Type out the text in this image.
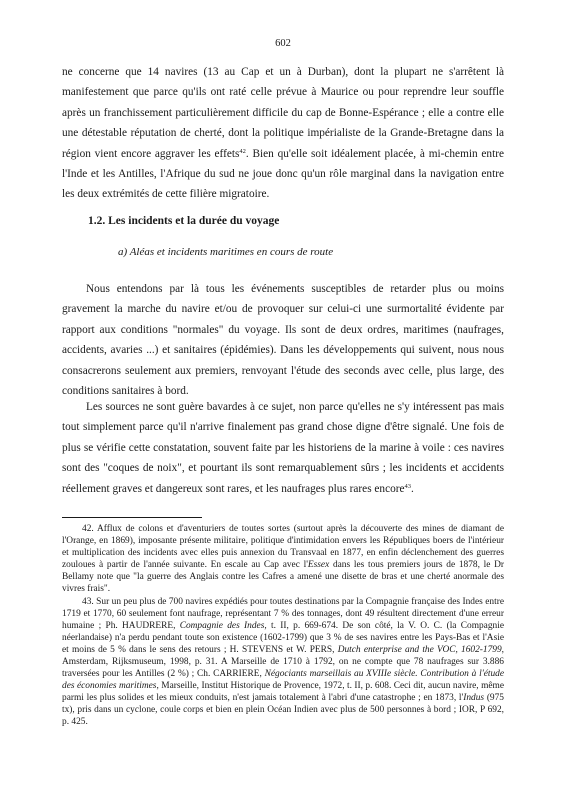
602

ne concerne que 14 navires (13 au Cap et un à Durban), dont la plupart ne s'arrêtent là manifestement que parce qu'ils ont raté celle prévue à Maurice ou pour reprendre leur souffle après un franchissement particulièrement difficile du cap de Bonne-Espérance ; elle a contre elle une détestable réputation de cherté, dont la politique impérialiste de la Grande-Bretagne dans la région vient encore aggraver les effets$^{42}$. Bien qu'elle soit idéalement placée, à mi-chemin entre l'Inde et les Antilles, l'Afrique du sud ne joue donc qu'un rôle marginal dans la navigation entre les deux extrémités de cette filière migratoire.

1.2. Les incidents et la durée du voyage
a) Aléas et incidents maritimes en cours de route

Nous entendons par là tous les événements susceptibles de retarder plus ou moins gravement la marche du navire et/ou de provoquer sur celui-ci une surmortalité évidente par rapport aux conditions "normales" du voyage. Ils sont de deux ordres, maritimes (naufrages, accidents, avaries ...) et sanitaires (épidémies). Dans les développements qui suivent, nous nous consacrerons seulement aux premiers, renvoyant l'étude des seconds avec celle, plus large, des conditions sanitaires à bord.

Les sources ne sont guère bavardes à ce sujet, non parce qu'elles ne s'y intéressent pas mais tout simplement parce qu'il n'arrive finalement pas grand chose digne d'être signalé. Une fois de plus se vérifie cette constatation, souvent faite par les historiens de la marine à voile : ces navires sont des "coques de noix", et pourtant ils sont remarquablement sûrs ; les incidents et accidents réellement graves et dangereux sont rares, et les naufrages plus rares encore$^{43}$.

42. Afflux de colons et d'aventuriers de toutes sortes (surtout après la découverte des mines de diamant de l'Orange, en 1869), imposante présente militaire, politique d'intimidation envers les Républiques boers de l'intérieur et multiplication des incidents avec elles puis annexion du Transvaal en 1877, en enfin déclenchement des guerres zouloues à partir de l'année suivante. En escale au Cap avec l'Essex dans les tous premiers jours de 1878, le Dr Bellamy note que "la guerre des Anglais contre les Cafres a amené une disette de bras et une cherté anormale des vivres frais".

43. Sur un peu plus de 700 navires expédiés pour toutes destinations par la Compagnie française des Indes entre 1719 et 1770, 60 seulement font naufrage, représentant 7 % des tonnages, dont 49 résultent directement d'une erreur humaine ; Ph. HAUDRERE, Compagnie des Indes, t. II, p. 669-674. De son côté, la V. O. C. (la Compagnie néerlandaise) n'a perdu pendant toute son existence (1602-1799) que 3 % de ses navires entre les Pays-Bas et l'Asie et moins de 5 % dans le sens des retours ; H. STEVENS et W. PERS, Dutch enterprise and the VOC, 1602-1799, Amsterdam, Rijksmuseum, 1998, p. 31. A Marseille de 1710 à 1792, on ne compte que 78 naufrages sur 3.886 traversées pour les Antilles (2 %) ; Ch. CARRIERE, Négociants marseillais au XVIIIe siècle. Contribution à l'étude des économies maritimes, Marseille, Institut Historique de Provence, 1972, t. II, p. 608. Ceci dit, aucun navire, même parmi les plus solides et les mieux conduits, n'est jamais totalement à l'abri d'une catastrophe ; en 1873, l'Indus (975 tx), pris dans un cyclone, coule corps et bien en plein Océan Indien avec plus de 500 personnes à bord ; IOR, P 692, p. 425.
